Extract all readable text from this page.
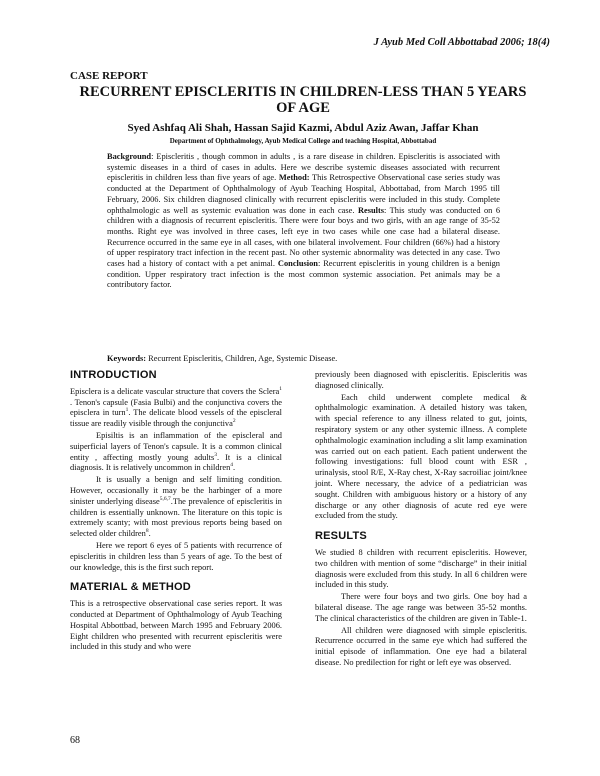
J Ayub Med Coll Abbottabad 2006; 18(4)
CASE REPORT
RECURRENT EPISCLERITIS IN CHILDREN-LESS THAN 5 YEARS OF AGE
Syed Ashfaq Ali Shah, Hassan Sajid Kazmi, Abdul Aziz Awan, Jaffar Khan
Department of Ophthalmology, Ayub Medical College and teaching Hospital, Abbottabad
Background: Episcleritis , though common in adults , is a rare disease in children. Episcleritis is associated with systemic diseases in a third of cases in adults. Here we describe systemic diseases associated with recurrent episcleritis in children less than five years of age. Method: This Retrospective Observational case series study was conducted at the Department of Ophthalmology of Ayub Teaching Hospital, Abbottabad, from March 1995 till February, 2006. Six children diagnosed clinically with recurrent episcleritis were included in this study. Complete ophthalmologic as well as systemic evaluation was done in each case. Results: This study was conducted on 6 children with a diagnosis of recurrent episcleritis. There were four boys and two girls, with an age range of 35-52 months. Right eye was involved in three cases, left eye in two cases while one case had a bilateral disease. Recurrence occurred in the same eye in all cases, with one bilateral involvement. Four children (66%) had a history of upper respiratory tract infection in the recent past. No other systemic abnormality was detected in any case. Two cases had a history of contact with a pet animal. Conclusion: Recurrent episcleritis in young children is a benign condition. Upper respiratory tract infection is the most common systemic association. Pet animals may be a contributory factor.
Keywords: Recurrent Episcleritis, Children, Age, Systemic Disease.
INTRODUCTION

Episclera is a delicate vascular structure that covers the Sclera$^1$ . Tenon's capsule (Fasia Bulbi) and the conjunctiva covers the episclera in turn$^1$. The delicate blood vessels of the episcleral tissue are readily visible through the conjunctiva$^2$

Episiltis is an inflammation of the episcleral and suiperficial layers of Tenon's capsule. It is a common clinical entity , affecting mostly young adults$^3$. It is a clinical diagnosis. It is relatively uncommon in children$^4$.

It is usually a benign and self limiting condition. However, occasionally it may be the harbinger of a more sinister underlying disease$^{5,6,7}$.The prevalence of episcleritis in children is essentially unknown. The literature on this topic is extremely scanty; with most previous reports being based on selected older children$^8$.

Here we report 6 eyes of 5 patients with recurrence of episcleritis in children less than 5 years of age. To the best of our knowledge, this is the first such report.

MATERIAL & METHOD

This is a retrospective observational case series report. It was conducted at Department of Ophthalmology of Ayub Teaching Hospital Abbottbad, between March 1995 and February 2006. Eight children who presented with recurrent episcleritis were included in this study and who were

previously been diagnosed with episcleritis. Episcleritis was diagnosed clinically.

Each child underwent complete medical & ophthalmologic examination. A detailed history was taken, with special reference to any illness related to gut, joints, respiratory system or any other systemic illness. A complete ophthalmologic examination including a slit lamp examination was carried out on each patient. Each patient underwent the following investigations: full blood count with ESR , urinalysis, stool R/E, X-Ray chest, X-Ray sacroiliac joint/knee joint. Where necessary, the advice of a pediatrician was sought. Children with ambiguous history or a history of any discharge or any other diagnosis of acute red eye were excluded from the study.

RESULTS

We studied 8 children with recurrent episcleritis. However, two children with mention of some “discharge” in their initial diagnosis were excluded from this study. In all 6 children were included in this study.

There were four boys and two girls. One boy had a bilateral disease. The age range was between 35-52 months. The clinical characteristics of the children are given in Table-1.

All children were diagnosed with simple episcleritis. Recurrence occurred in the same eye which had suffered the initial episode of inflammation. One eye had a bilateral disease. No predilection for right or left eye was observed.

68
